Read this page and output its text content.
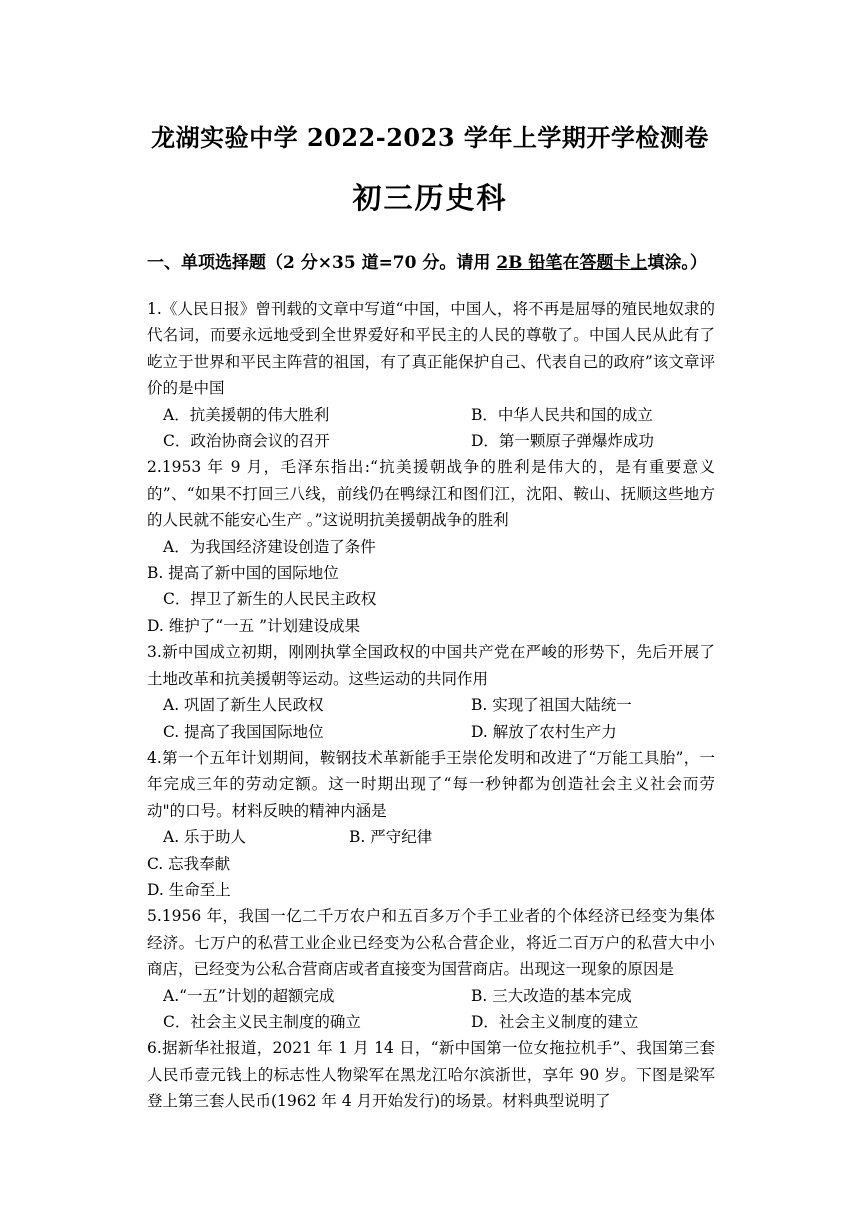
龙湖实验中学 2022-2023 学年上学期开学检测卷
初三历史科
一、单项选择题（2 分×35 道=70 分。请用 2B 铅笔在答题卡上填涂。）

1.《人民日报》曾刊载的文章中写道“中国，中国人，将不再是屈辱的殖民地奴隶的代名词，而要永远地受到全世界爱好和平民主的人民的尊敬了。中国人民从此有了屹立于世界和平民主阵营的祖国，有了真正能保护自己、代表自己的政府”该文章评价的是中国

A．抗美援朝的伟大胜利	B．中华人民共和国的成立
C．政治协商会议的召开	D．第一颗原子弹爆炸成功

2.1953 年 9 月，毛泽东指出:“抗美援朝战争的胜利是伟大的，是有重要意义的”、“如果不打回三八线，前线仍在鸭绿江和图们江，沈阳、鞍山、抚顺这些地方的人民就不能安心生产 。”这说明抗美援朝战争的胜利

A．为我国经济建设创造了条件
B. 提高了新中国的国际地位
C．捍卫了新生的人民民主政权
D. 维护了“一五 ”计划建设成果

3.新中国成立初期，刚刚执掌全国政权的中国共产党在严峻的形势下，先后开展了土地改革和抗美援朝等运动。这些运动的共同作用

A. 巩固了新生人民政权	B. 实现了祖国大陆统一
C. 提高了我国国际地位	D. 解放了农村生产力

4.第一个五年计划期间，鞍钢技术革新能手王崇伦发明和改进了“万能工具胎”，一年完成三年的劳动定额。这一时期出现了“每一秒钟都为创造社会主义社会而劳动"的口号。材料反映的精神内涵是

A. 乐于助人	B. 严守纪律
C. 忘我奉献
D. 生命至上

5.1956 年，我国一亿二千万农户和五百多万个手工业者的个体经济已经变为集体经济。七万户的私营工业企业已经变为公私合营企业，将近二百万户的私营大中小商店，已经变为公私合营商店或者直接变为国营商店。出现这一现象的原因是

A.“一五”计划的超额完成	B. 三大改造的基本完成
C．社会主义民主制度的确立	D．社会主义制度的建立

6.据新华社报道，2021 年 1 月 14 日，“新中国第一位女拖拉机手”、我国第三套人民币壹元钱上的标志性人物梁军在黑龙江哈尔滨浙世，享年 90 岁。下图是梁军登上第三套人民币(1962 年 4 月开始发行)的场景。材料典型说明了
